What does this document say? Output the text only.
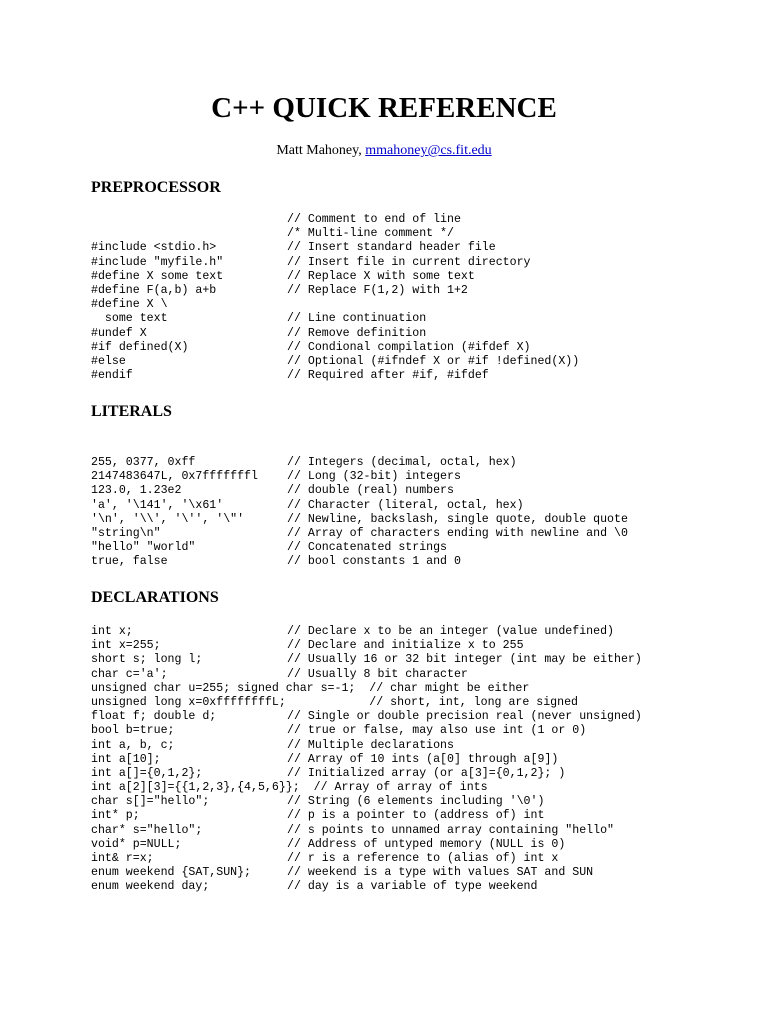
C++ QUICK REFERENCE
Matt Mahoney, mmahoney@cs.fit.edu
PREPROCESSOR
// Comment to end of line
/* Multi-line comment */
#include <stdio.h>	// Insert standard header file
#include "myfile.h"	// Insert file in current directory
#define X some text	// Replace X with some text
#define F(a,b) a+b	// Replace F(1,2) with 1+2
#define X \
some text	// Line continuation
#undef X	// Remove definition
#if defined(X)	// Condional compilation (#ifdef X)
#else	// Optional (#ifndef X or #if !defined(X))
#endif	// Required after #if, #ifdef
LITERALS
255, 0377, 0xff	// Integers (decimal, octal, hex)
2147483647L, 0x7fffffffl	// Long (32-bit) integers
123.0, 1.23e2	// double (real) numbers
'a', '\141', '\x61'	// Character (literal, octal, hex)
'\n', '\\', '\'', '\"'	// Newline, backslash, single quote, double quote
"string\n"	// Array of characters ending with newline and \0
"hello" "world"	// Concatenated strings
true, false	// bool constants 1 and 0
DECLARATIONS
int x;	// Declare x to be an integer (value undefined)
int x=255;	// Declare and initialize x to 255
short s; long l;	// Usually 16 or 32 bit integer (int may be either)
char c='a';	// Usually 8 bit character
unsigned char u=255; signed char s=-1;  // char might be either
unsigned long x=0xffffffffL;            // short, int, long are signed
float f; double d;	// Single or double precision real (never unsigned)
bool b=true;	// true or false, may also use int (1 or 0)
int a, b, c;	// Multiple declarations
int a[10];	// Array of 10 ints (a[0] through a[9])
int a[]={0,1,2};	// Initialized array (or a[3]={0,1,2}; )
int a[2][3]={{1,2,3},{4,5,6}};  // Array of array of ints
char s[]="hello";	// String (6 elements including '\0')
int* p;	// p is a pointer to (address of) int
char* s="hello";	// s points to unnamed array containing "hello"
void* p=NULL;	// Address of untyped memory (NULL is 0)
int& r=x;	// r is a reference to (alias of) int x
enum weekend {SAT,SUN};	// weekend is a type with values SAT and SUN
enum weekend day;	// day is a variable of type weekend
